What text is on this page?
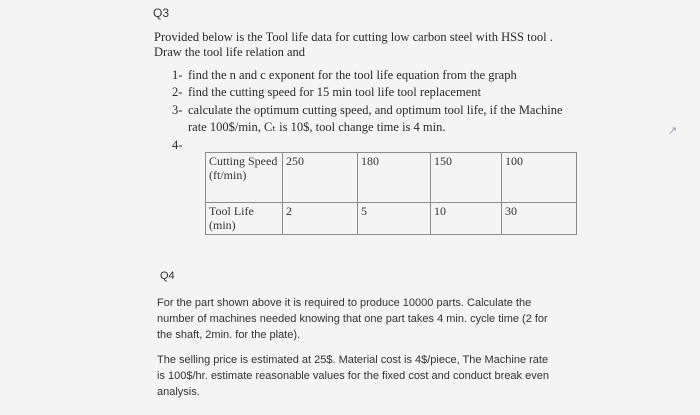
Q3
Provided below is the Tool life data for cutting low carbon steel with HSS tool .
Draw the tool life relation and
1- find the n and c exponent for the tool life equation from the graph
2- find the cutting speed for 15 min tool life tool replacement
3- calculate the optimum cutting speed, and optimum tool life, if the Machine
rate 100$/min, Cₜ is 10$, tool change time is 4 min.
4-
Cutting Speed (ft/min)	250	180	150	100
Tool Life (min)	2	5	10	30
↗
Q4
For the part shown above it is required to produce 10000 parts. Calculate the
number of machines needed knowing that one part takes 4 min. cycle time (2 for
the shaft, 2min. for the plate).
The selling price is estimated at 25$. Material cost is 4$/piece, The Machine rate
is 100$/hr. estimate reasonable values for the fixed cost and conduct break even
analysis.
